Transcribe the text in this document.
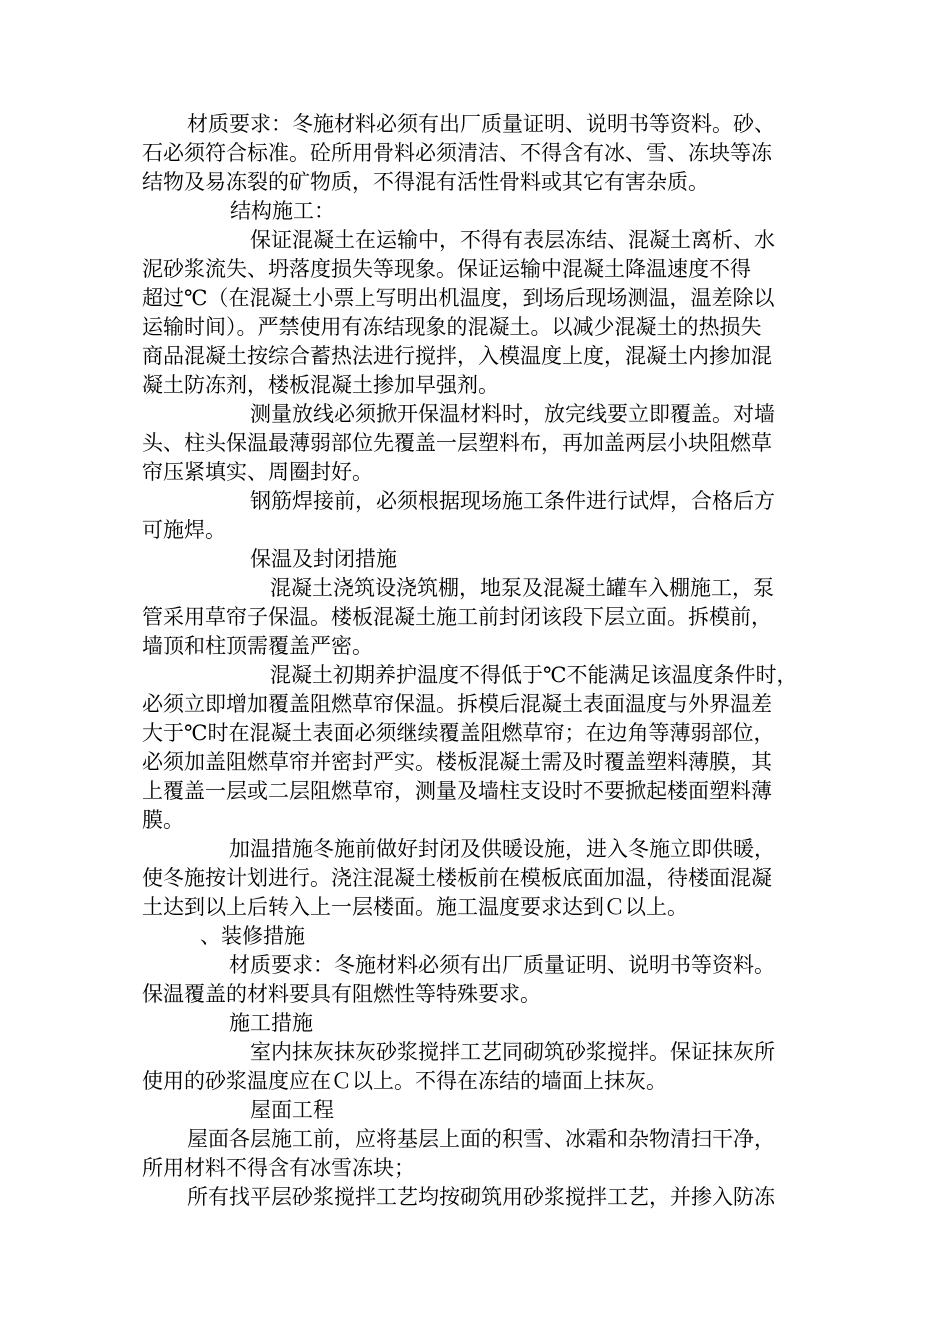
材质要求：冬施材料必须有出厂质量证明、说明书等资料。砂、
石必须符合标准。砼所用骨料必须清洁、不得含有冰、雪、冻块等冻
结物及易冻裂的矿物质，不得混有活性骨料或其它有害杂质。
结构施工：
保证混凝土在运输中，不得有表层冻结、混凝土离析、水
泥砂浆流失、坍落度损失等现象。保证运输中混凝土降温速度不得
超过℃（在混凝土小票上写明出机温度，到场后现场测温，温差除以
运输时间）。严禁使用有冻结现象的混凝土。以减少混凝土的热损失
商品混凝土按综合蓄热法进行搅拌，入模温度上度，混凝土内掺加混
凝土防冻剂，楼板混凝土掺加早强剂。
测量放线必须掀开保温材料时，放完线要立即覆盖。对墙
头、柱头保温最薄弱部位先覆盖一层塑料布，再加盖两层小块阻燃草
帘压紧填实、周圈封好。
钢筋焊接前，必须根据现场施工条件进行试焊，合格后方
可施焊。
保温及封闭措施
混凝土浇筑设浇筑棚，地泵及混凝土罐车入棚施工，泵
管采用草帘子保温。楼板混凝土施工前封闭该段下层立面。拆模前，
墙顶和柱顶需覆盖严密。
混凝土初期养护温度不得低于℃不能满足该温度条件时，
必须立即增加覆盖阻燃草帘保温。拆模后混凝土表面温度与外界温差
大于℃时在混凝土表面必须继续覆盖阻燃草帘；在边角等薄弱部位，
必须加盖阻燃草帘并密封严实。楼板混凝土需及时覆盖塑料薄膜，其
上覆盖一层或二层阻燃草帘，测量及墙柱支设时不要掀起楼面塑料薄
膜。
加温措施冬施前做好封闭及供暖设施，进入冬施立即供暖，
使冬施按计划进行。浇注混凝土楼板前在模板底面加温，待楼面混凝
土达到以上后转入上一层楼面。施工温度要求达到Ｃ以上。
、装修措施
材质要求：冬施材料必须有出厂质量证明、说明书等资料。
保温覆盖的材料要具有阻燃性等特殊要求。
施工措施
室内抹灰抹灰砂浆搅拌工艺同砌筑砂浆搅拌。保证抹灰所
使用的砂浆温度应在Ｃ以上。不得在冻结的墙面上抹灰。
屋面工程
屋面各层施工前，应将基层上面的积雪、冰霜和杂物清扫干净，
所用材料不得含有冰雪冻块；
所有找平层砂浆搅拌工艺均按砌筑用砂浆搅拌工艺，并掺入防冻
